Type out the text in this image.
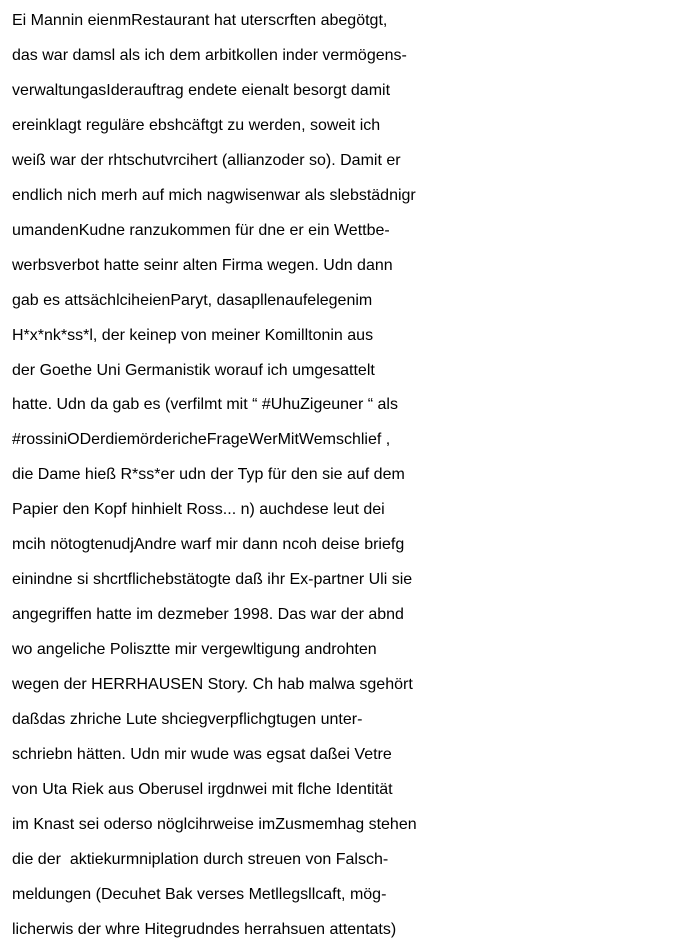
Ei Mannin eienmRestaurant hat uterscrften abegötgt,
das war damsl als ich dem arbitkollen inder vermögens-
verwaltungasIderauftrag endete eienalt besorgt damit
ereinklagt reguläre ebshcäftgt zu werden, soweit ich
weiß war der rhtschutvrcihert (allianzoder so). Damit er
endlich nich merh auf mich nagwisenwar als slebstädnigr
umandenKudne ranzukommen für dne er ein Wettbe-
werbsverbot hatte seinr alten Firma wegen. Udn dann
gab es attsächlciheienParyt, dasapllenaufelegenim
H*x*nk*ss*l, der keinep von meiner Komilltonin aus
der Goethe Uni Germanistik worauf ich umgesattelt
hatte. Udn da gab es (verfilmt mit “ #UhuZigeuner “ als
#rossiniODerdiemördericheFrageWerMitWemschlief ,
die Dame hieß R*ss*er udn der Typ für den sie auf dem
Papier den Kopf hinhielt Ross... n) auchdese leut dei
mcih nötogtenudjAndre warf mir dann ncoh deise briefg
einindne si shcrtflichebstätogte daß ihr Ex-partner Uli sie
angegriffen hatte im dezmeber 1998. Das war der abnd
wo angeliche Polisztte mir vergewltigung androhten
wegen der HERRHAUSEN Story. Ch hab malwa sgehört
daßdas zhriche Lute shciegverpflichgtugen unter-
schriebn hätten. Udn mir wude was egsat daßei Vetre
von Uta Riek aus Oberusel irgdnwei mit flche Identität
im Knast sei oderso nöglcihrweise imZusmemhag stehen
die der  aktiekurmniplation durch streuen von Falsch-
meldungen (Decuhet Bak verses Metllegsllcaft, mög-
licherwis der whre Hitegrudndes herrahsuen attentats)
